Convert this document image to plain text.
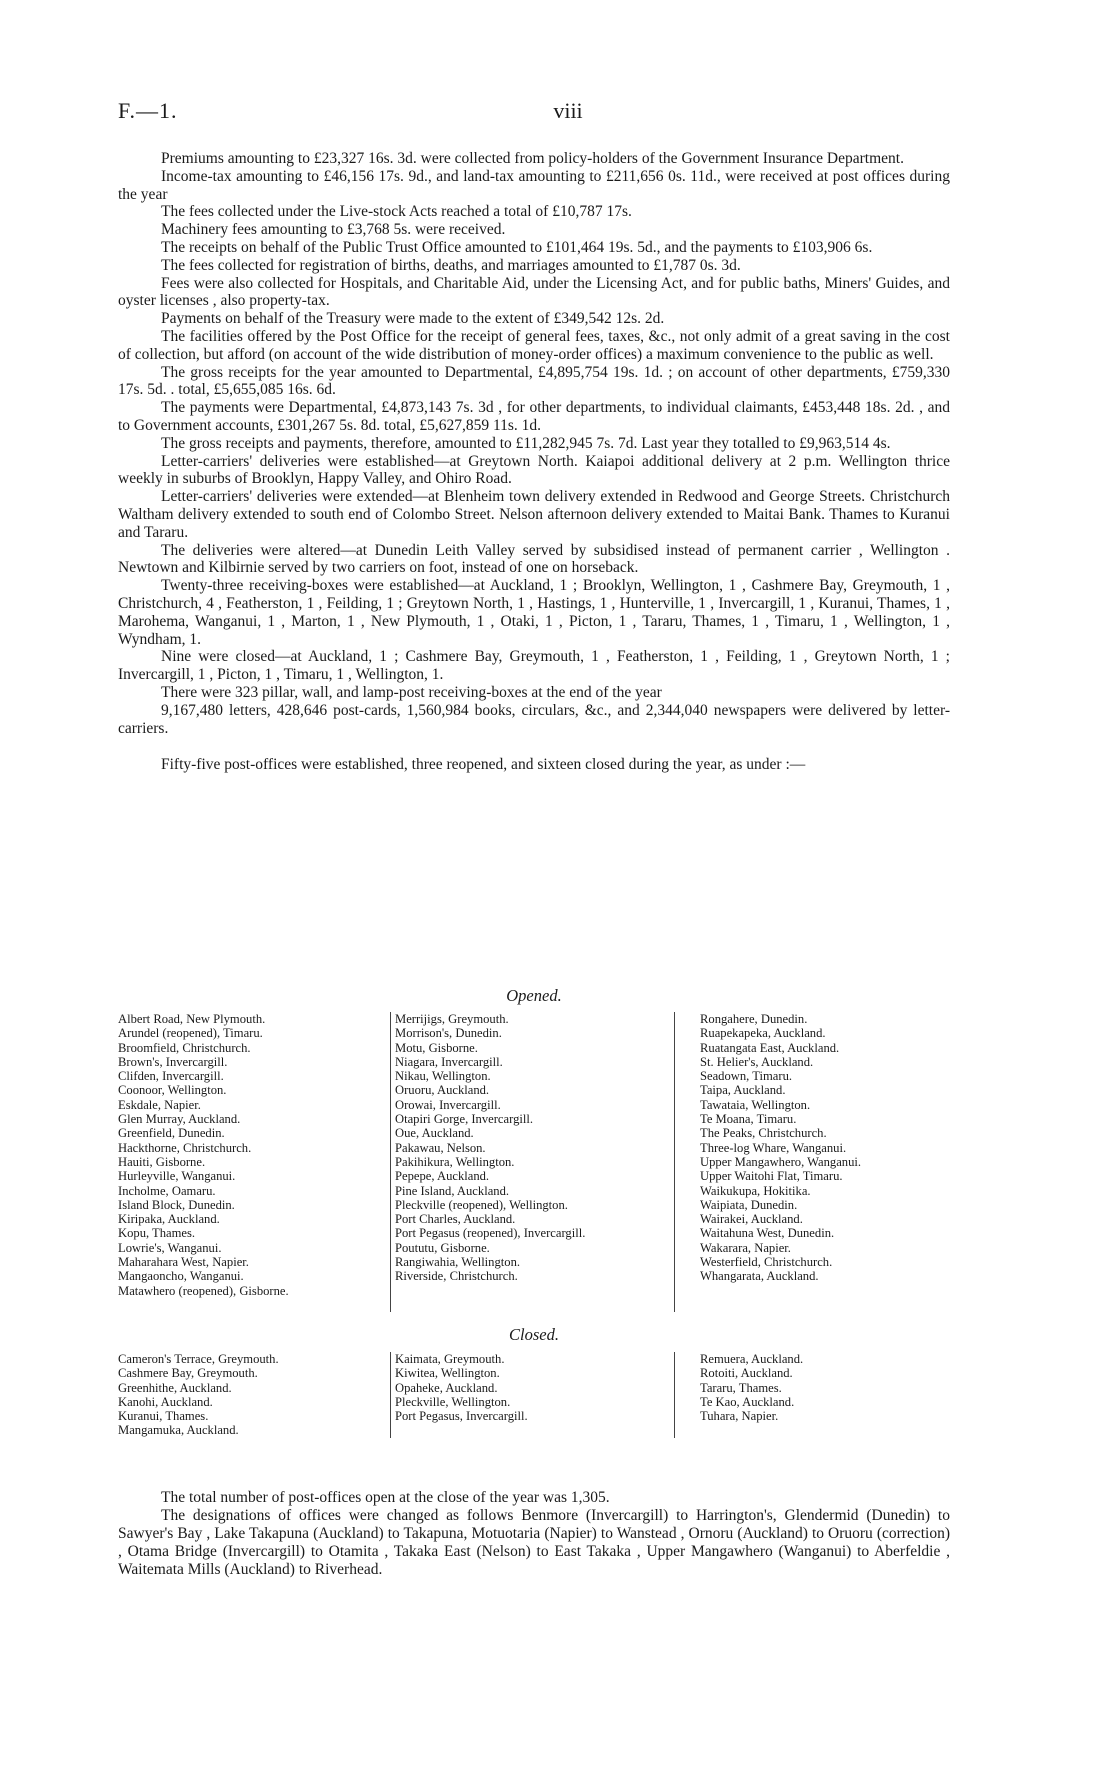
F.—1.	viii

Premiums amounting to £23,327 16s. 3d. were collected from policy-holders of the Government Insurance Department.

Income-tax amounting to £46,156 17s. 9d., and land-tax amounting to £211,656 0s. 11d., were received at post offices during the year

The fees collected under the Live-stock Acts reached a total of £10,787 17s.

Machinery fees amounting to £3,768 5s. were received.

The receipts on behalf of the Public Trust Office amounted to £101,464 19s. 5d., and the payments to £103,906 6s.

The fees collected for registration of births, deaths, and marriages amounted to £1,787 0s. 3d.

Fees were also collected for Hospitals, and Charitable Aid, under the Licensing Act, and for public baths, Miners' Guides, and oyster licenses , also property-tax.

Payments on behalf of the Treasury were made to the extent of £349,542 12s. 2d.

The facilities offered by the Post Office for the receipt of general fees, taxes, &c., not only admit of a great saving in the cost of collection, but afford (on account of the wide distribution of money-order offices) a maximum convenience to the public as well.

The gross receipts for the year amounted to Departmental, £4,895,754 19s. 1d. ; on account of other departments, £759,330 17s. 5d. . total, £5,655,085 16s. 6d.

The payments were Departmental, £4,873,143 7s. 3d , for other departments, to individual claimants, £453,448 18s. 2d. , and to Government accounts, £301,267 5s. 8d. total, £5,627,859 11s. 1d.

The gross receipts and payments, therefore, amounted to £11,282,945 7s. 7d. Last year they totalled to £9,963,514 4s.

Letter-carriers' deliveries were established—at Greytown North. Kaiapoi additional delivery at 2 p.m. Wellington thrice weekly in suburbs of Brooklyn, Happy Valley, and Ohiro Road.

Letter-carriers' deliveries were extended—at Blenheim town delivery extended in Redwood and George Streets. Christchurch Waltham delivery extended to south end of Colombo Street. Nelson afternoon delivery extended to Maitai Bank. Thames to Kuranui and Tararu.

The deliveries were altered—at Dunedin Leith Valley served by subsidised instead of permanent carrier , Wellington . Newtown and Kilbirnie served by two carriers on foot, instead of one on horseback.

Twenty-three receiving-boxes were established—at Auckland, 1 ; Brooklyn, Wellington, 1 , Cashmere Bay, Greymouth, 1 , Christchurch, 4 , Featherston, 1 , Feilding, 1 ; Greytown North, 1 , Hastings, 1 , Hunterville, 1 , Invercargill, 1 , Kuranui, Thames, 1 , Marohema, Wanganui, 1 , Marton, 1 , New Plymouth, 1 , Otaki, 1 , Picton, 1 , Tararu, Thames, 1 , Timaru, 1 , Wellington, 1 , Wyndham, 1.

Nine were closed—at Auckland, 1 ; Cashmere Bay, Greymouth, 1 , Featherston, 1 , Feilding, 1 , Greytown North, 1 ; Invercargill, 1 , Picton, 1 , Timaru, 1 , Wellington, 1.

There were 323 pillar, wall, and lamp-post receiving-boxes at the end of the year

9,167,480 letters, 428,646 post-cards, 1,560,984 books, circulars, &c., and 2,344,040 newspapers were delivered by letter-carriers.

Fifty-five post-offices were established, three reopened, and sixteen closed during the year, as under :—

Opened.
Albert Road, New Plymouth.
Arundel (reopened), Timaru.
Broomfield, Christchurch.
Brown's, Invercargill.
Clifden, Invercargill.
Coonoor, Wellington.
Eskdale, Napier.
Glen Murray, Auckland.
Greenfield, Dunedin.
Hackthorne, Christchurch.
Hauiti, Gisborne.
Hurleyville, Wanganui.
Incholme, Oamaru.
Island Block, Dunedin.
Kiripaka, Auckland.
Kopu, Thames.
Lowrie's, Wanganui.
Maharahara West, Napier.
Mangaoncho, Wanganui.
Matawhero (reopened), Gisborne.
Merrijigs, Greymouth.
Morrison's, Dunedin.
Motu, Gisborne.
Niagara, Invercargill.
Nikau, Wellington.
Oruoru, Auckland.
Orowai, Invercargill.
Otapiri Gorge, Invercargill.
Oue, Auckland.
Pakawau, Nelson.
Pakihikura, Wellington.
Pepepe, Auckland.
Pine Island, Auckland.
Pleckville (reopened), Wellington.
Port Charles, Auckland.
Port Pegasus (reopened), Invercargill.
Poututu, Gisborne.
Rangiwahia, Wellington.
Riverside, Christchurch.
Rongahere, Dunedin.
Ruapekapeka, Auckland.
Ruatangata East, Auckland.
St. Helier's, Auckland.
Seadown, Timaru.
Taipa, Auckland.
Tawataia, Wellington.
Te Moana, Timaru.
The Peaks, Christchurch.
Three-log Whare, Wanganui.
Upper Mangawhero, Wanganui.
Upper Waitohi Flat, Timaru.
Waikukupa, Hokitika.
Waipiata, Dunedin.
Wairakei, Auckland.
Waitahuna West, Dunedin.
Wakarara, Napier.
Westerfield, Christchurch.
Whangarata, Auckland.
Closed.
Cameron's Terrace, Greymouth.
Cashmere Bay, Greymouth.
Greenhithe, Auckland.
Kanohi, Auckland.
Kuranui, Thames.
Mangamuka, Auckland.
Kaimata, Greymouth.
Kiwitea, Wellington.
Opaheke, Auckland.
Pleckville, Wellington.
Port Pegasus, Invercargill.
Remuera, Auckland.
Rotoiti, Auckland.
Tararu, Thames.
Te Kao, Auckland.
Tuhara, Napier.

The total number of post-offices open at the close of the year was 1,305.

The designations of offices were changed as follows Benmore (Invercargill) to Harrington's, Glendermid (Dunedin) to Sawyer's Bay , Lake Takapuna (Auckland) to Takapuna, Motuotaria (Napier) to Wanstead , Ornoru (Auckland) to Oruoru (correction) , Otama Bridge (Invercargill) to Otamita , Takaka East (Nelson) to East Takaka , Upper Mangawhero (Wanganui) to Aberfeldie , Waitemata Mills (Auckland) to Riverhead.
